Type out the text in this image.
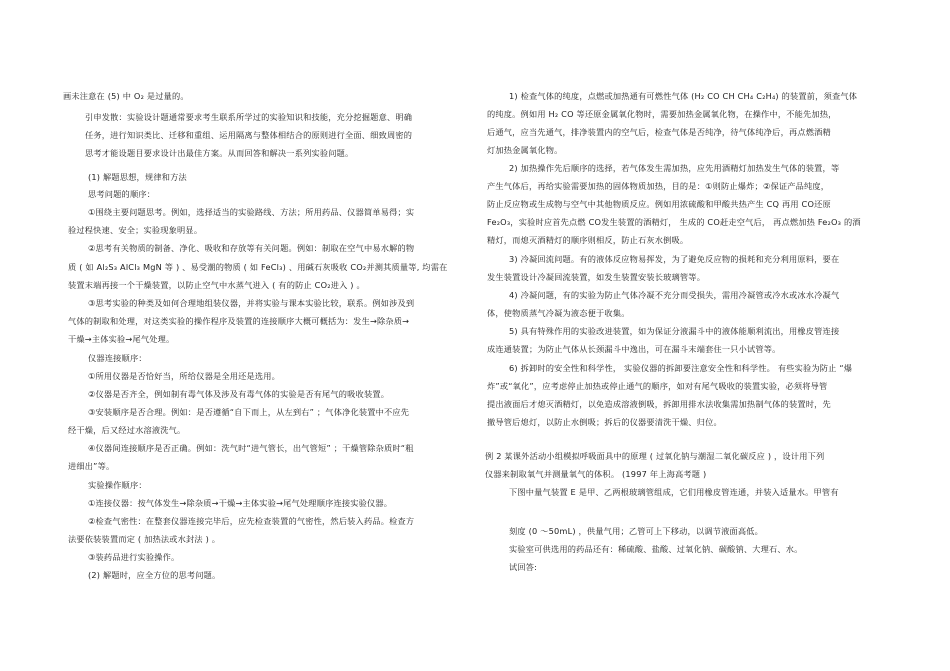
画未注意在 (5) 中 O₂ 是过量的。
引申发散：实验设计题通常要求考生联系所学过的实验知识和技能，充分挖掘题意、明确
任务，进行知识类比、迁移和重组、运用隔离与整体相结合的原则进行全面、细致周密的
思考才能设题目要求设计出最佳方案。从而回答和解决一系列实验问题。
(1) 解题思想，规律和方法
思考问题的顺序：
①围绕主要问题思考。例如，选择适当的实验路线、方法；所用药品、仪器简单易得；实
验过程快速、安全；实验现象明显。
②思考有关物质的制备、净化、吸收和存放等有关问题。例如：制取在空气中易水解的物
质 ( 如 Al₂S₃ AlCl₃ MgN 等 ) 、易受潮的物质 ( 如 FeCl₃) 、用碱石灰吸收 CO₂并测其质量等, 均需在
装置末端再接一个干燥装置，以防止空气中水蒸气进入 ( 有的防止 CO₂进入 ) 。
③思考实验的种类及如何合理地组装仪器，并将实验与课本实验比较，联系。例如涉及到
气体的制取和处理，对这类实验的操作程序及装置的连接顺序大概可概括为：发生→除杂质→
干燥→主体实验→尾气处理。
仪器连接顺序：
①所用仪器是否恰好当，所给仪器是全用还是选用。
②仪器是否齐全，例如制有毒气体及涉及有毒气体的实验是否有尾气的吸收装置。
③安装顺序是否合理。例如：是否遵循“自下而上，从左到右” ；气体净化装置中不应先
经干燥，后又经过水溶液洗气。
④仪器间连接顺序是否正确。例如：洗气时“进气管长，出气管短” ；干燥管除杂质时“粗
进细出”等。
实验操作顺序：
①连接仪器：按气体发生→除杂质→干燥→主体实验→尾气处理顺序连接实验仪器。
②检查气密性：在整套仪器连接完毕后，应先检查装置的气密性，然后装入药品。检查方
法要依装装置而定 ( 加热法或水封法 ) 。
③装药品进行实验操作。
(2) 解题时，应全方位的思考问题。
1) 检查气体的纯度，点燃或加热通有可燃性气体 (H₂ CO CH CH₄ C₂H₄) 的装置前，须查气体
的纯度。例如用 H₂ CO 等还原金属氧化物时，需要加热金属氧化物，在操作中，不能先加热，
后通气，应当先通气，排净装置内的空气后，检查气体是否纯净，待气体纯净后，再点燃酒精
灯加热金属氧化物。
2) 加热操作先后顺序的选择，若气体发生需加热，应先用酒精灯加热发生气体的装置，等
产生气体后，再给实验需要加热的固体物质加热，目的是：①则防止爆炸；②保证产品纯度，
防止反应物或生成物与空气中其他物质反应。例如用浓硫酸和甲酸共热产生 CQ 再用 CO还原
Fe₂O₃，实验时应首先点燃 CO发生装置的酒精灯， 生成的 CO赶走空气后， 再点燃加热 Fe₂O₃ 的酒
精灯，而熄灭酒精灯的顺序则相反，防止石灰水倒吸。
3) 冷凝回流问题。有的液体反应物易挥发，为了避免反应物的损耗和充分利用原料，要在
发生装置设计冷凝回流装置，如发生装置安装长玻璃管等。
4) 冷凝问题，有的实验为防止气体冷凝不充分而受损失，需用冷凝管或冷水或冰水冷凝气
体，使物质蒸气冷凝为液态便于收集。
5) 具有特殊作用的实验改进装置，如为保证分液漏斗中的液体能顺利流出，用橡皮管连接
成连通装置；为防止气体从长颈漏斗中逸出，可在漏斗末端套住一只小试管等。
6) 拆卸时的安全性和科学性， 实验仪器的拆卸要注意安全性和科学性。 有些实验为防止 “爆
炸”或“氧化”，应考虑停止加热或停止通气的顺序，如对有尾气吸收的装置实验，必须将导管
提出液面后才熄灭酒精灯，以免造成溶液倒吸，拆卸用排水法收集需加热制气体的装置时，先
撤导管后熄灯，以防止水倒吸；拆后的仪器要清洗干燥、归位。
例 2 某课外活动小组模拟呼吸面具中的原理 ( 过氧化钠与潮湿二氧化碳反应 ) ，设计用下列
仪器来制取氧气并测量氧气的体积。 (1997 年上海高考题 )
下图中量气装置 E 是甲、乙两根玻璃管组成，它们用橡皮管连通，并装入适量水。甲管有
刻度 (0 ～50mL) ，供量气用；乙管可上下移动，以调节液面高低。
实验室可供选用的药品还有：稀硫酸、盐酸、过氧化钠、碳酸钠、大理石、水。
试回答:
